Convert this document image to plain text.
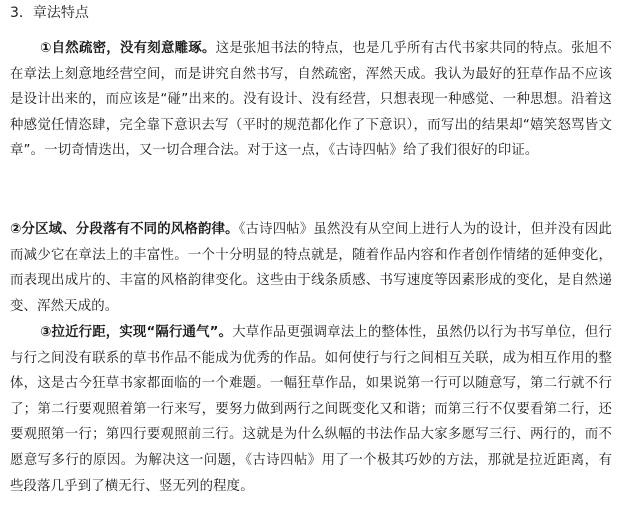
3．章法特点

①自然疏密，没有刻意雕琢。这是张旭书法的特点，也是几乎所有古代书家共同的特点。张旭不在章法上刻意地经营空间，而是讲究自然书写，自然疏密，浑然天成。我认为最好的狂草作品不应该是设计出来的，而应该是“碰”出来的。没有设计、没有经营，只想表现一种感觉、一种思想。沿着这种感觉任情恣肆，完全靠下意识去写（平时的规范都化作了下意识），而写出的结果却“嬉笑怒骂皆文章”。一切奇情迭出，又一切合理合法。对于这一点，《古诗四帖》给了我们很好的印证。

②分区域、分段落有不同的风格韵律。《古诗四帖》虽然没有从空间上进行人为的设计，但并没有因此而减少它在章法上的丰富性。一个十分明显的特点就是，随着作品内容和作者创作情绪的延伸变化，而表现出成片的、丰富的风格韵律变化。这些由于线条质感、书写速度等因素形成的变化，是自然递变、浑然天成的。

③拉近行距，实现“隔行通气”。大草作品更强调章法上的整体性，虽然仍以行为书写单位，但行与行之间没有联系的草书作品不能成为优秀的作品。如何使行与行之间相互关联，成为相互作用的整体，这是古今狂草书家都面临的一个难题。一幅狂草作品，如果说第一行可以随意写，第二行就不行了；第二行要观照着第一行来写，要努力做到两行之间既变化又和谐；而第三行不仅要看第二行，还要观照第一行；第四行要观照前三行。这就是为什么纵幅的书法作品大家多愿写三行、两行的，而不愿意写多行的原因。为解决这一问题，《古诗四帖》用了一个极其巧妙的方法，那就是拉近距离，有些段落几乎到了横无行、竖无列的程度。
